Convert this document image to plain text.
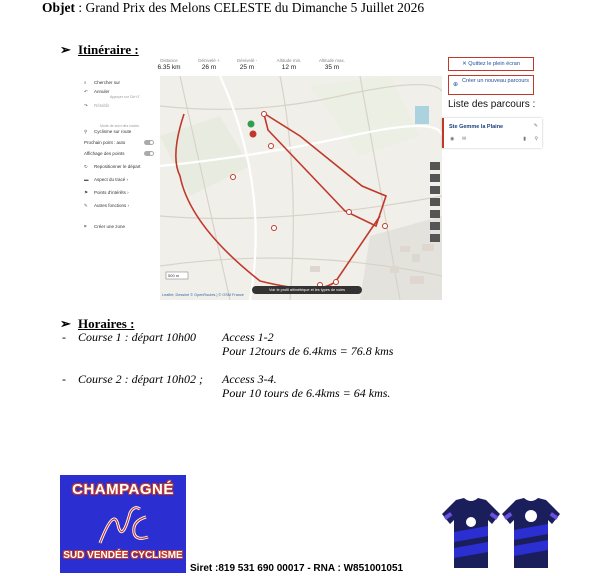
Objet : Grand Prix des Melons CELESTE du Dimanche 5 Juillet 2026
➢ Itinéraire :
Distance
6.35 km
Dénivelé +
26 m
Dénivelé -
25 m
Altitude min.
12 m
Altitude max.
35 m
⌕ Chercher sur
↶ Annuler
Appuyer sur Ctrl+Z
↷ Rétablir
Mode de suivi des routes
⚲ Cyclisme sur route
Prochain point : auto
Affichage des points
↻ Repositionner le départ
▬ Aspect du tracé ›
⚑ Points d'intérêts ›
✎ Autres fonctions ›
⌗ Créer une zone
500 m
Voir le profil altimétrique et les types de voies
Leaflet, Dessiné © OpenRoutes | © OSM France
✕ Quittez le plein écran
⊕
Créer un nouveau parcours
Liste des parcours :
Ste Gemme la Plaine	✎
◉ ✉	▮ ⚲
➢ Horaires :
- Course 1 : départ 10h00 Access 1-2
Pour 12tours de 6.4kms = 76.8 kms
- Course 2 : départ 10h02 ; Access 3-4.
Pour 10 tours de 6.4kms = 64 kms.
CHAMPAGNÉ
SUD VENDÉE CYCLISME
Siret :819 531 690 00017 - RNA : W851001051
